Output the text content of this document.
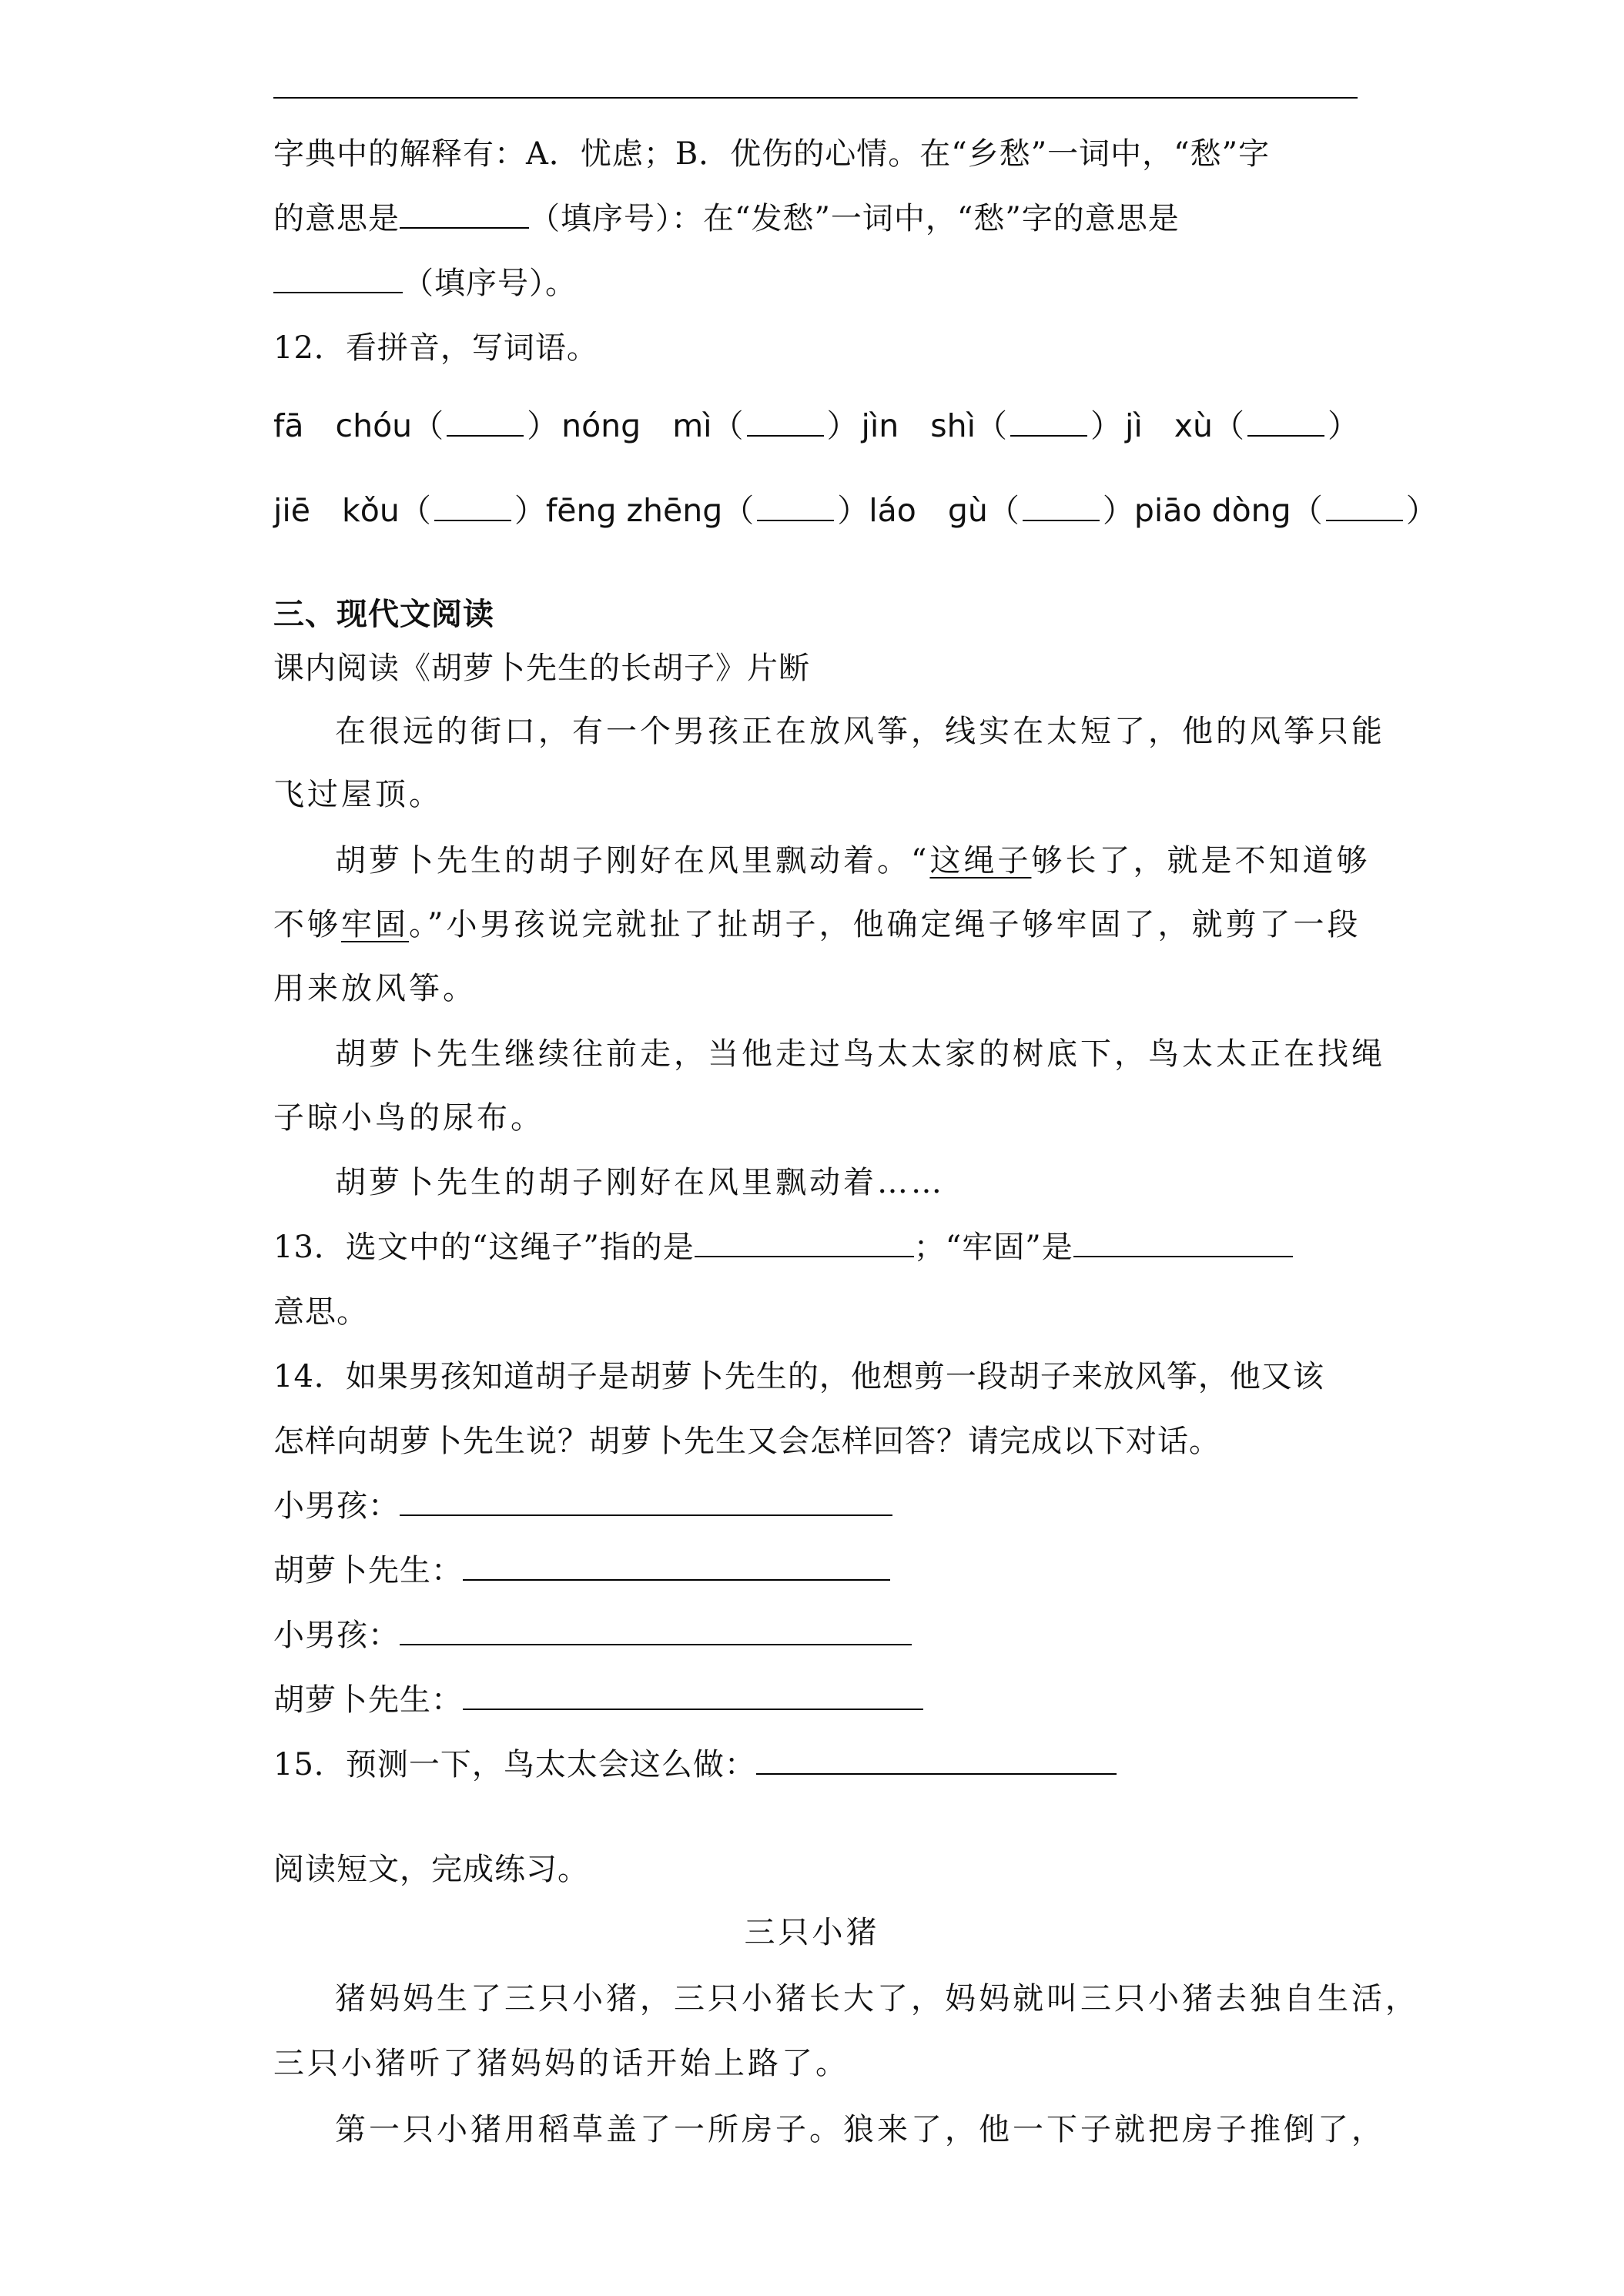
字典中的解释有：A．忧虑；B．优伤的心情。在“乡愁”一词中，“愁”字
的意思是	（填序号）：在“发愁”一词中，“愁”字的意思是
（填序号）。
12．看拼音，写词语。
fā　chóu （	） nónɡ　mì （	） jìn　shì （	） jì　xù （	）
jiē　kǒu （	） fēnɡ zhēnɡ （	） láo　ɡù （	） piāo dònɡ （	）
三、现代文阅读
课内阅读《胡萝卜先生的长胡子》片断
在很远的街口，有一个男孩正在放风筝，线实在太短了，他的风筝只能
飞过屋顶。
胡萝卜先生的胡子刚好在风里飘动着。“这绳子够长了，就是不知道够
不够牢固。”小男孩说完就扯了扯胡子，他确定绳子够牢固了，就剪了一段
用来放风筝。
胡萝卜先生继续往前走，当他走过鸟太太家的树底下，鸟太太正在找绳
子晾小鸟的尿布。
胡萝卜先生的胡子刚好在风里飘动着……
13．选文中的“这绳子”指的是	；“牢固”是
意思。
14．如果男孩知道胡子是胡萝卜先生的，他想剪一段胡子来放风筝，他又该
怎样向胡萝卜先生说？胡萝卜先生又会怎样回答？请完成以下对话。
小男孩：
胡萝卜先生：
小男孩：
胡萝卜先生：
15．预测一下，鸟太太会这么做：
阅读短文，完成练习。
三只小猪
猪妈妈生了三只小猪，三只小猪长大了，妈妈就叫三只小猪去独自生活，
三只小猪听了猪妈妈的话开始上路了。
第一只小猪用稻草盖了一所房子。狼来了，他一下子就把房子推倒了，
